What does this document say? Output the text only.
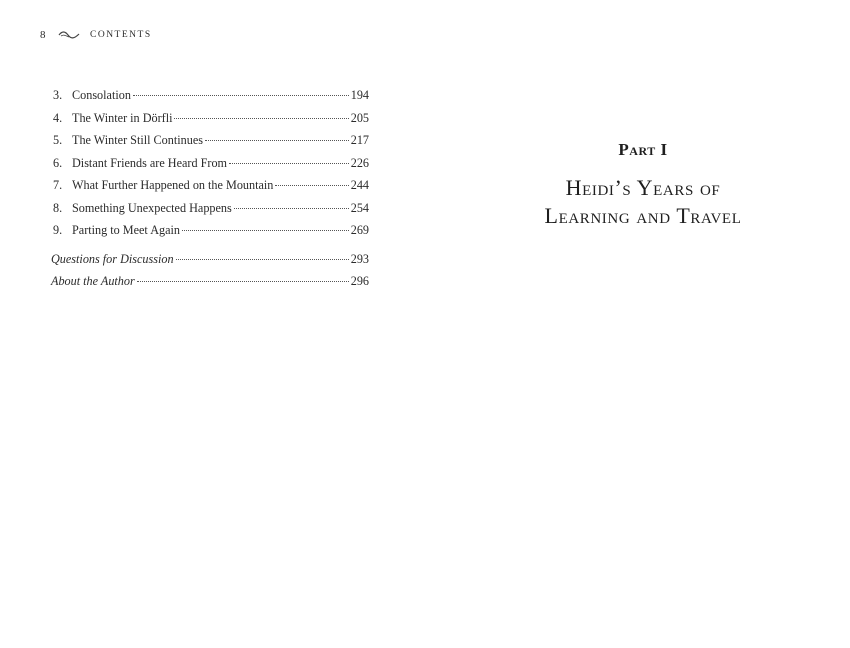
8	CONTENTS
3. Consolation	194
4. The Winter in Dörfli	205
5. The Winter Still Continues	217
6. Distant Friends are Heard From	226
7. What Further Happened on the Mountain	244
8. Something Unexpected Happens	254
9. Parting to Meet Again	269
Questions for Discussion	293
About the Author	296
Part I
Heidi’s Years of
Learning and Travel
